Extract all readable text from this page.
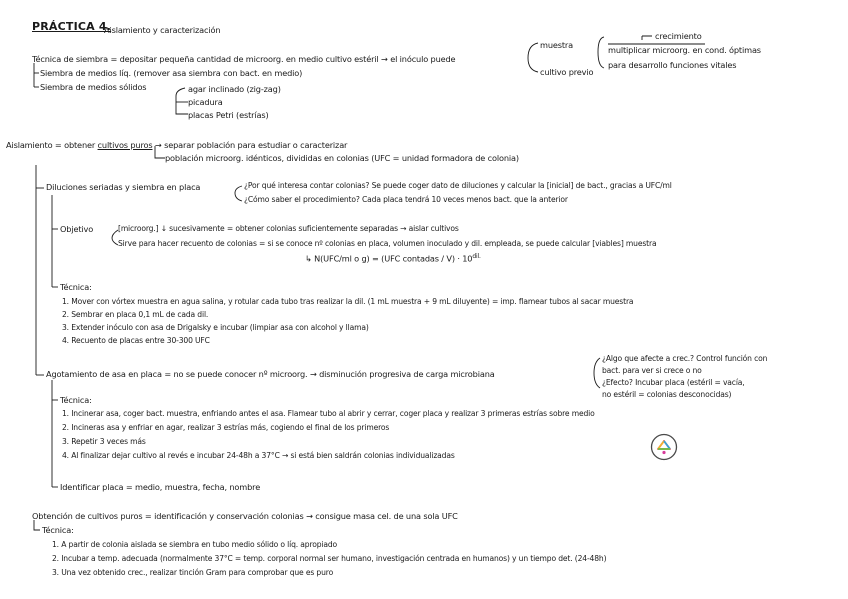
PRÁCTICA 4.
Aislamiento y caracterización
Técnica de siembra = depositar pequeña cantidad de microorg. en medio cultivo estéril → el inóculo puede
muestra
cultivo previo
crecimiento
multiplicar microorg. en cond. óptimas
para desarrollo funciones vitales
Siembra de medios líq. (remover asa siembra con bact. en medio)
Siembra de medios sólidos	agar inclinado (zig-zag)
picadura
placas Petri (estrías)
Aislamiento = obtener cultivos puros → separar población para estudiar o caracterizar
población microorg. idénticos, divididas en colonias (UFC = unidad formadora de colonia)
Diluciones seriadas y siembra en placa	¿Por qué interesa contar colonias? Se puede coger dato de diluciones y calcular la [inicial] de bact., gracias a UFC/ml
¿Cómo saber el procedimiento? Cada placa tendrá 10 veces menos bact. que la anterior
Objetivo	[microorg.] ↓ sucesivamente = obtener colonias suficientemente separadas → aislar cultivos
Sirve para hacer recuento de colonias = si se conoce nº colonias en placa, volumen inoculado y dil. empleada, se puede calcular [viables] muestra
↳ N(UFC/ml o g) = (UFC contadas / $V) \cdot 10^{dil.}$
Técnica:
1. Mover con vórtex muestra en agua salina, y rotular cada tubo tras realizar la dil. (1 mL muestra + 9 mL diluyente) = imp. flamear tubos al sacar muestra
2. Sembrar en placa 0,1 mL de cada dil.
3. Extender inóculo con asa de Drigalsky e incubar (limpiar asa con alcohol y llama)
4. Recuento de placas entre 30-300 UFC
Agotamiento de asa en placa = no se puede conocer nº microorg. → disminución progresiva de carga microbiana
¿Algo que afecte a crec.? Control función con
bact. para ver si crece o no
¿Efecto? Incubar placa (estéril = vacía,
no estéril = colonias desconocidas)
Técnica:
1. Incinerar asa, coger bact. muestra, enfriando antes el asa. Flamear tubo al abrir y cerrar, coger placa y realizar 3 primeras estrías sobre medio
2. Incineras asa y enfriar en agar, realizar 3 estrías más, cogiendo el final de los primeros
3. Repetir 3 veces más
4. Al finalizar dejar cultivo al revés e incubar 24-48h a 37°C → si está bien saldrán colonias individualizadas
Identificar placa = medio, muestra, fecha, nombre
Obtención de cultivos puros = identificación y conservación colonias → consigue masa cel. de una sola UFC
Técnica:
1. A partir de colonia aislada se siembra en tubo medio sólido o líq. apropiado
2. Incubar a temp. adecuada (normalmente 37°C = temp. corporal normal ser humano, investigación centrada en humanos) y un tiempo det. (24-48h)
3. Una vez obtenido crec., realizar tinción Gram para comprobar que es puro
